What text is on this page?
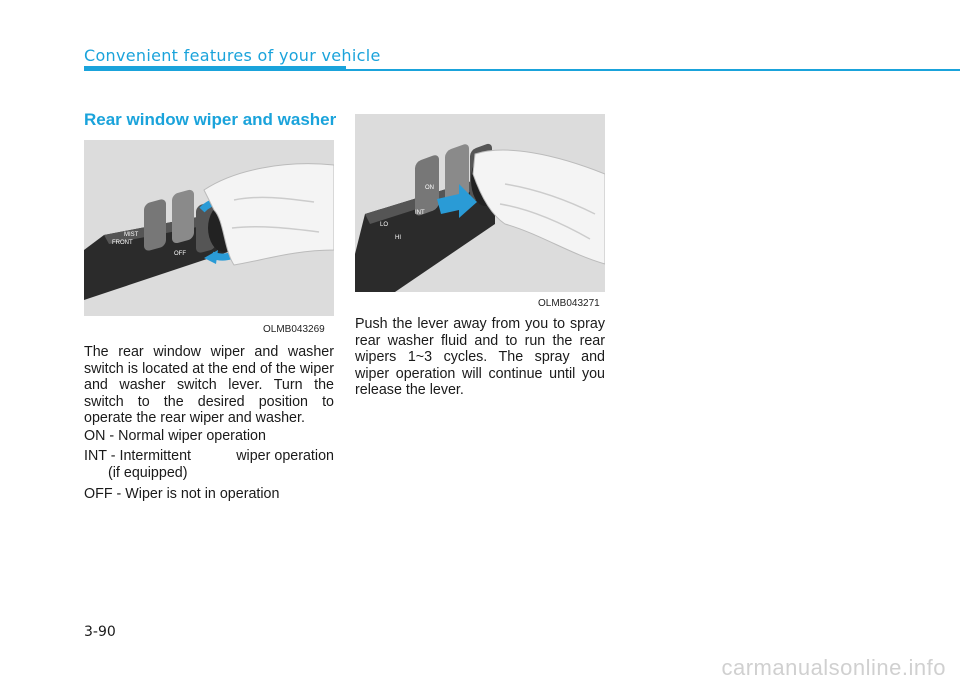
Convenient features of your vehicle
Rear window wiper and washer
FRONT
MIST
OFF
OLMB043269
ON
LO
HI
INT
OLMB043271

The rear window wiper and washer switch is located at the end of the wiper and washer switch lever. Turn the switch to the desired position to operate the rear wiper and washer.

ON - Normal wiper operation
INT - Intermittent	wiper operation
(if equipped)
OFF - Wiper is not in operation

Push the lever away from you to spray rear washer fluid and to run the rear wipers 1~3 cycles. The spray and wiper operation will continue until you release the lever.

3-90
carmanualsonline.info
